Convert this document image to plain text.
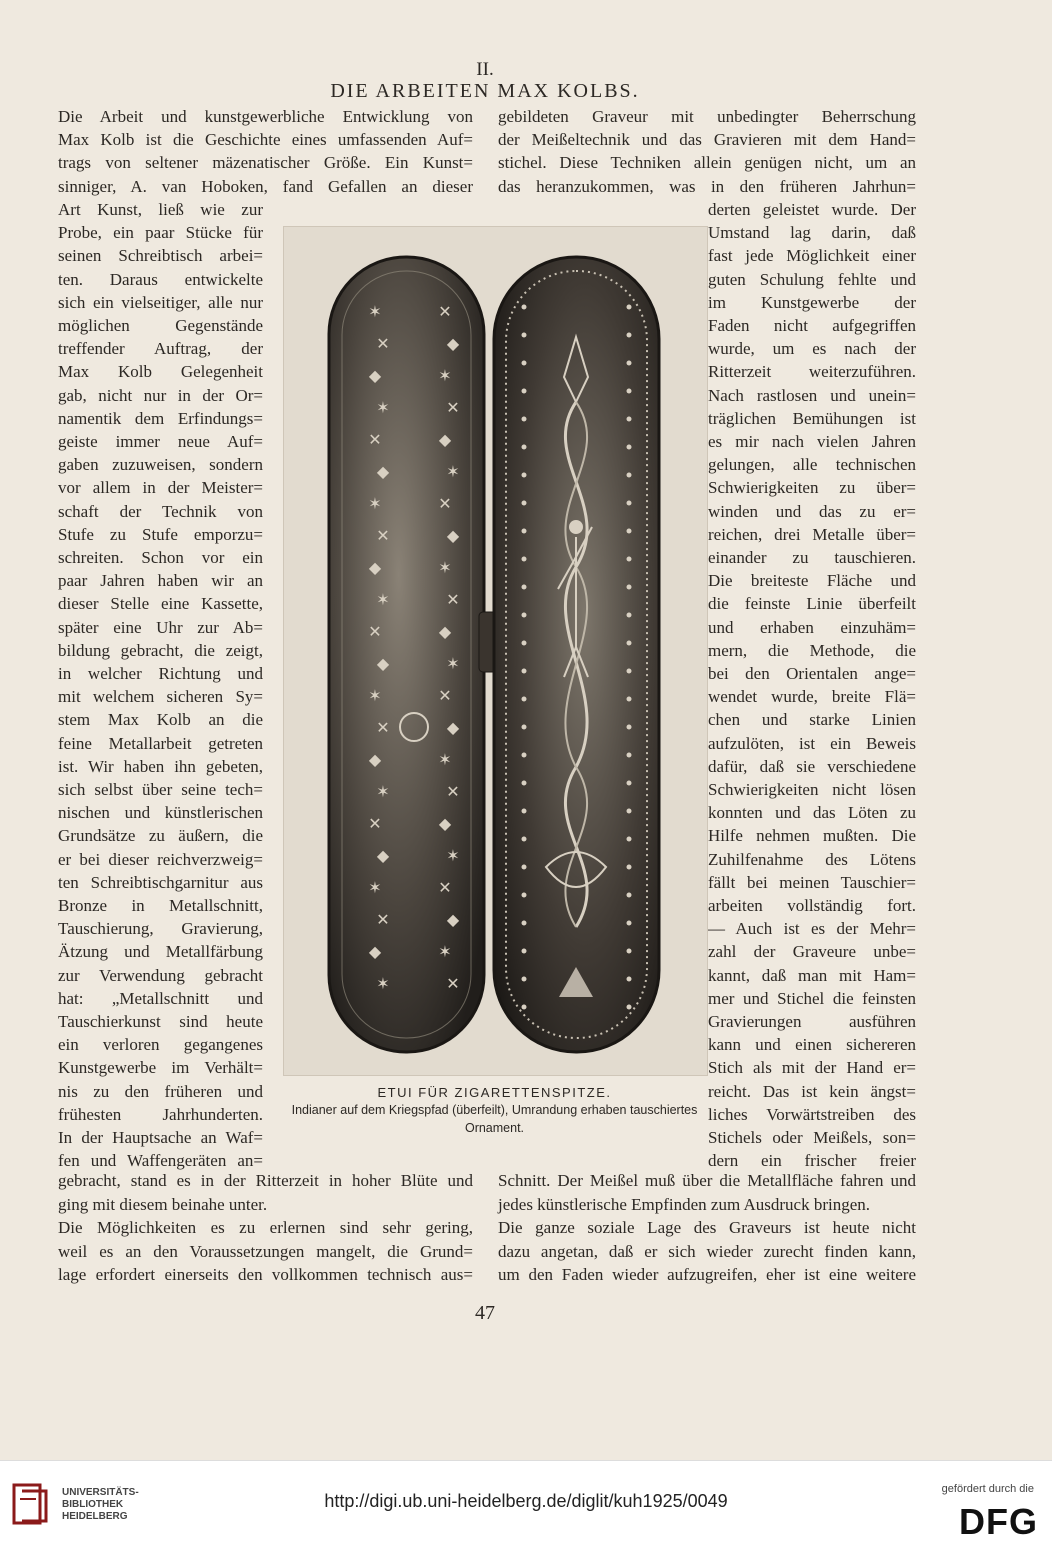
II.
DIE ARBEITEN MAX KOLBS.
Die Arbeit und kunstgewerbliche Entwicklung von
Max Kolb ist die Geschichte eines umfassenden Auf=
trags von seltener mäzenatischer Größe. Ein Kunst=
sinniger, A. van Hoboken, fand Gefallen an dieser
gebildeten Graveur mit unbedingter Beherrschung
der Meißeltechnik und das Gravieren mit dem Hand=
stichel. Diese Techniken allein genügen nicht, um an
das heranzukommen, was in den früheren Jahrhun=
Art Kunst, ließ wie zur
Probe, ein paar Stücke für
seinen Schreibtisch arbei=
ten. Daraus entwickelte
sich ein vielseitiger, alle nur
möglichen Gegenstände
treffender Auftrag, der
Max Kolb Gelegenheit
gab, nicht nur in der Or=
namentik dem Erfindungs=
geiste immer neue Auf=
gaben zuzuweisen, sondern
vor allem in der Meister=
schaft der Technik von
Stufe zu Stufe emporzu=
schreiten. Schon vor ein
paar Jahren haben wir an
dieser Stelle eine Kassette,
später eine Uhr zur Ab=
bildung gebracht, die zeigt,
in welcher Richtung und
mit welchem sicheren Sy=
stem Max Kolb an die
feine Metallarbeit getreten
ist. Wir haben ihn gebeten,
sich selbst über seine tech=
nischen und künstlerischen
Grundsätze zu äußern, die
er bei dieser reichverzweig=
ten Schreibtischgarnitur aus
Bronze in Metallschnitt,
Tauschierung, Gravierung,
Ätzung und Metallfärbung
zur Verwendung gebracht
hat: „Metallschnitt und
Tauschierkunst sind heute
ein verloren gegangenes
Kunstgewerbe im Verhält=
nis zu den früheren und
frühesten Jahrhunderten.
In der Hauptsache an Waf=
fen und Waffengeräten an=
derten geleistet wurde. Der
Umstand lag darin, daß
fast jede Möglichkeit einer
guten Schulung fehlte und
im Kunstgewerbe der
Faden nicht aufgegriffen
wurde, um es nach der
Ritterzeit weiterzuführen.
Nach rastlosen und unein=
träglichen Bemühungen ist
es mir nach vielen Jahren
gelungen, alle technischen
Schwierigkeiten zu über=
winden und das zu er=
reichen, drei Metalle über=
einander zu tauschieren.
Die breiteste Fläche und
die feinste Linie überfeilt
und erhaben einzuhäm=
mern, die Methode, die
bei den Orientalen ange=
wendet wurde, breite Flä=
chen und starke Linien
aufzulöten, ist ein Beweis
dafür, daß sie verschiedene
Schwierigkeiten nicht lösen
konnten und das Löten zu
Hilfe nehmen mußten. Die
Zuhilfenahme des Lötens
fällt bei meinen Tauschier=
arbeiten vollständig fort.
— Auch ist es der Mehr=
zahl der Graveure unbe=
kannt, daß man mit Ham=
mer und Stichel die feinsten
Gravierungen ausführen
kann und einen sichereren
Stich als mit der Hand er=
reicht. Das ist kein ängst=
liches Vorwärtstreiben des
Stichels oder Meißels, son=
dern ein frischer freier
gebracht, stand es in der Ritterzeit in hoher Blüte und
ging mit diesem beinahe unter.
Die Möglichkeiten es zu erlernen sind sehr gering,
weil es an den Voraussetzungen mangelt, die Grund=
lage erfordert einerseits den vollkommen technisch aus=
Schnitt. Der Meißel muß über die Metallfläche fahren und
jedes künstlerische Empfinden zum Ausdruck bringen.
Die ganze soziale Lage des Graveurs ist heute nicht
dazu angetan, daß er sich wieder zurecht finden kann,
um den Faden wieder aufzugreifen, eher ist eine weitere
✶	✕
✕	◆
◆	✶
✶	✕
✕	◆
◆	✶
✶	✕
✕	◆
◆	✶
✶	✕
✕	◆
◆	✶
✶	✕
✕	◆
◆	✶
✶	✕
✕	◆
◆	✶
✶	✕
✕	◆
◆	✶
✶	✕
ETUI FÜR ZIGARETTENSPITZE.
Indianer auf dem Kriegspfad (überfeilt), Umrandung erhaben tauschiertes Ornament.
47
UNIVERSITÄTS-
BIBLIOTHEK
HEIDELBERG
http://digi.ub.uni-heidelberg.de/diglit/kuh1925/0049
gefördert durch die
DFG
